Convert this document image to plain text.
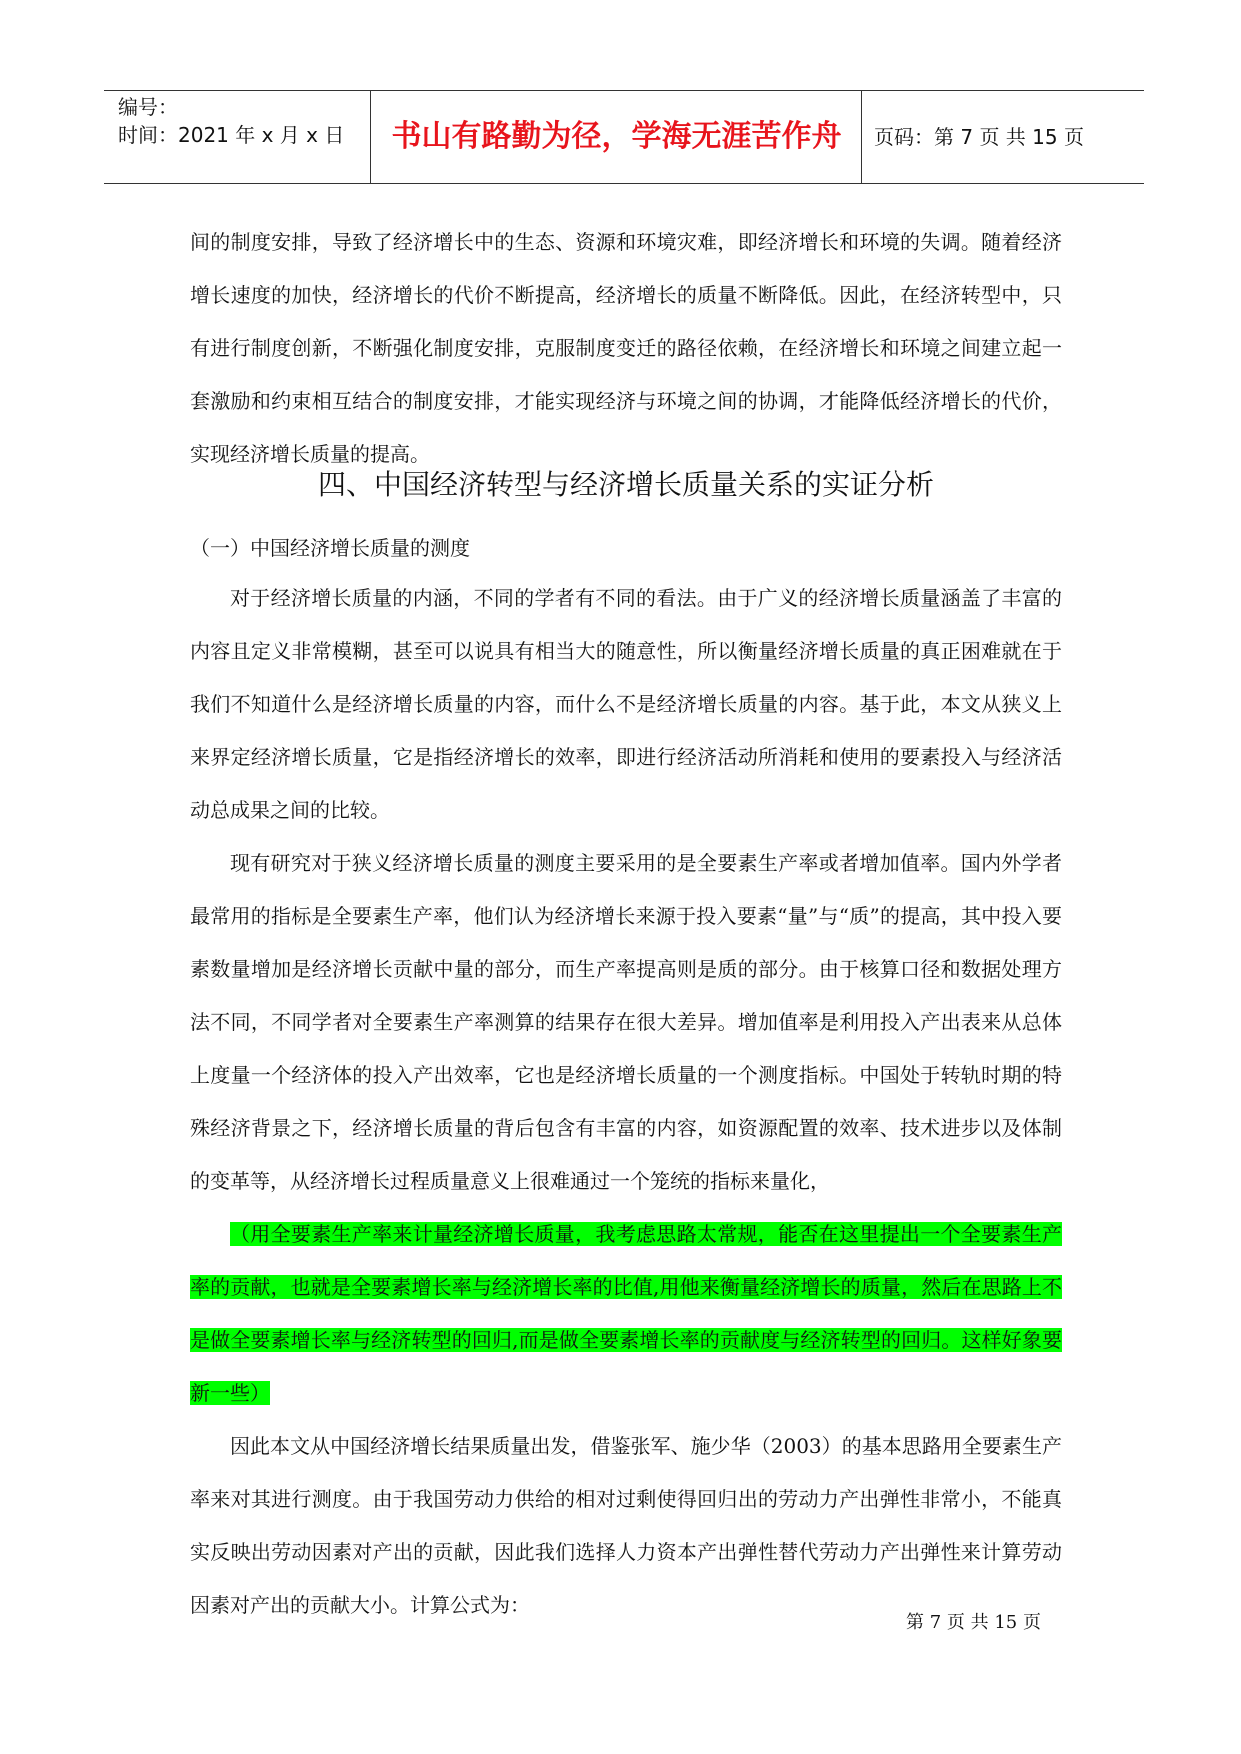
编号：
时间：2021 年 x 月 x 日	书山有路勤为径，学海无涯苦作舟	页码：第 7 页 共 15 页

间的制度安排，导致了经济增长中的生态、资源和环境灾难，即经济增长和环境的失调。随着经济增长速度的加快，经济增长的代价不断提高，经济增长的质量不断降低。因此，在经济转型中，只有进行制度创新，不断强化制度安排，克服制度变迁的路径依赖，在经济增长和环境之间建立起一套激励和约束相互结合的制度安排，才能实现经济与环境之间的协调，才能降低经济增长的代价，实现经济增长质量的提高。

四、中国经济转型与经济增长质量关系的实证分析
（一）中国经济增长质量的测度

对于经济增长质量的内涵，不同的学者有不同的看法。由于广义的经济增长质量涵盖了丰富的内容且定义非常模糊，甚至可以说具有相当大的随意性，所以衡量经济增长质量的真正困难就在于我们不知道什么是经济增长质量的内容，而什么不是经济增长质量的内容。基于此，本文从狭义上来界定经济增长质量，它是指经济增长的效率，即进行经济活动所消耗和使用的要素投入与经济活动总成果之间的比较。

现有研究对于狭义经济增长质量的测度主要采用的是全要素生产率或者增加值率。国内外学者最常用的指标是全要素生产率，他们认为经济增长来源于投入要素“量”与“质”的提高，其中投入要素数量增加是经济增长贡献中量的部分，而生产率提高则是质的部分。由于核算口径和数据处理方法不同，不同学者对全要素生产率测算的结果存在很大差异。增加值率是利用投入产出表来从总体上度量一个经济体的投入产出效率，它也是经济增长质量的一个测度指标。中国处于转轨时期的特殊经济背景之下，经济增长质量的背后包含有丰富的内容，如资源配置的效率、技术进步以及体制的变革等，从经济增长过程质量意义上很难通过一个笼统的指标来量化，

（用全要素生产率来计量经济增长质量，我考虑思路太常规，能否在这里提出一个全要素生产率的贡献，也就是全要素增长率与经济增长率的比值,用他来衡量经济增长的质量，然后在思路上不是做全要素增长率与经济转型的回归,而是做全要素增长率的贡献度与经济转型的回归。这样好象要新一些）

因此本文从中国经济增长结果质量出发，借鉴张军、施少华（2003）的基本思路用全要素生产率来对其进行测度。由于我国劳动力供给的相对过剩使得回归出的劳动力产出弹性非常小，不能真实反映出劳动因素对产出的贡献，因此我们选择人力资本产出弹性替代劳动力产出弹性来计算劳动因素对产出的贡献大小。计算公式为：

第 7 页 共 15 页
